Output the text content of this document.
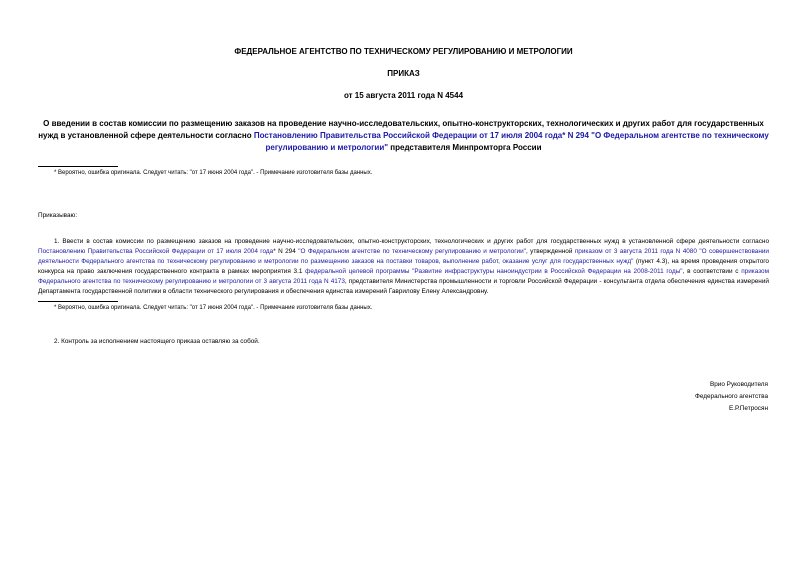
ФЕДЕРАЛЬНОЕ АГЕНТСТВО ПО ТЕХНИЧЕСКОМУ РЕГУЛИРОВАНИЮ И МЕТРОЛОГИИ
ПРИКАЗ
от 15 августа 2011 года N 4544
О введении в состав комиссии по размещению заказов на проведение научно-исследовательских, опытно-конструкторских, технологических и других работ для государственных нужд в установленной сфере деятельности согласно Постановлению Правительства Российской Федерации от 17 июля 2004 года* N 294 "О Федеральном агентстве по техническому регулированию и метрологии" представителя Минпромторга России
* Вероятно, ошибка оригинала. Следует читать: "от 17 июня 2004 года". - Примечание изготовителя базы данных.
Приказываю:
1. Ввести в состав комиссии по размещению заказов на проведение научно-исследовательских, опытно-конструкторских, технологических и других работ для государственных нужд в установленной сфере деятельности согласно Постановлению Правительства Российской Федерации от 17 июля 2004 года* N 294 "О Федеральном агентстве по техническому регулированию и метрологии", утвержденной приказом от 3 августа 2011 года N 4080 "О совершенствовании деятельности Федерального агентства по техническому регулированию и метрологии по размещению заказов на поставки товаров, выполнение работ, оказание услуг для государственных нужд" (пункт 4.3), на время проведения открытого конкурса на право заключения государственного контракта в рамках мероприятия 3.1 федеральной целевой программы "Развитие инфраструктуры наноиндустрии в Российской Федерации на 2008-2011 годы", в соответствии с приказом Федерального агентства по техническому регулированию и метрологии от 3 августа 2011 года N 4173, представителя Министерства промышленности и торговли Российской Федерации - консультанта отдела обеспечения единства измерений Департамента государственной политики в области технического регулирования и обеспечения единства измерений Гаврилову Елену Александровну.
* Вероятно, ошибка оригинала. Следует читать: "от 17 июня 2004 года". - Примечание изготовителя базы данных.
2. Контроль за исполнением настоящего приказа оставляю за собой.
Врио Руководителя
Федерального агентства
Е.Р.Петросян
